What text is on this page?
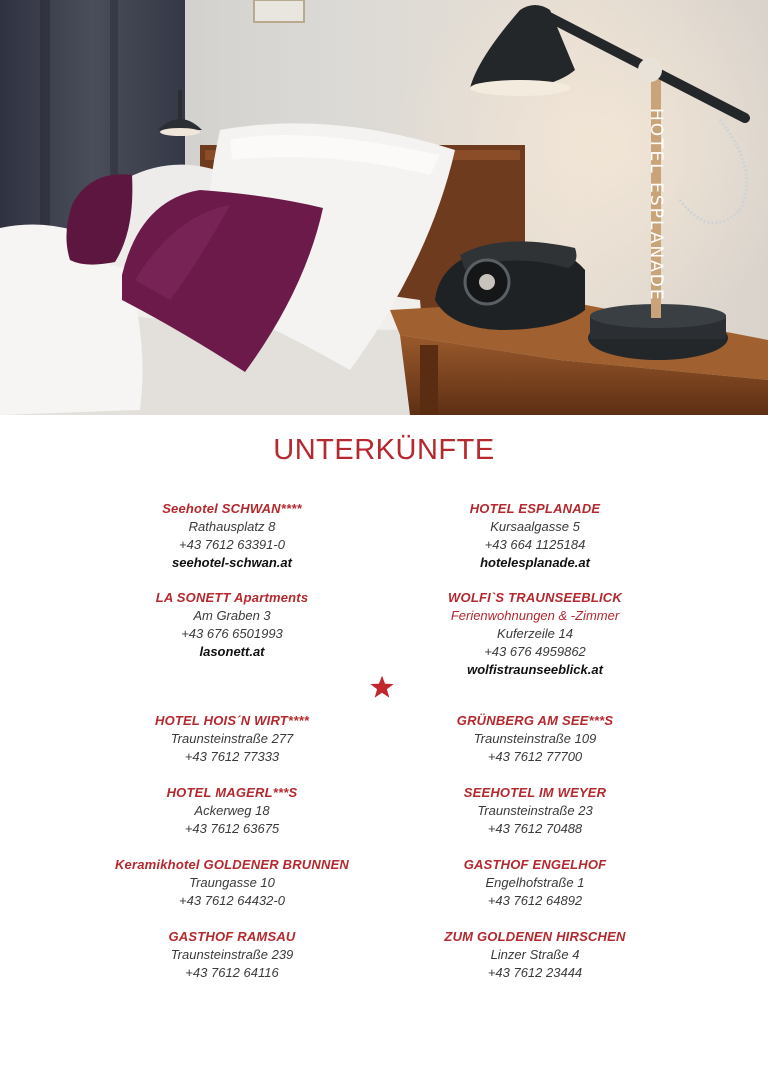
HOTEL ESPLANADE
UNTERKÜNFTE
Seehotel SCHWAN****
Rathausplatz 8
+43 7612 63391-0
seehotel-schwan.at
LA SONETT Apartments
Am Graben 3
+43 676 6501993
lasonett.at
HOTEL ESPLANADE
Kursaalgasse 5
+43 664 1125184
hotelesplanade.at
WOLFI`S TRAUNSEEBLICK
Ferienwohnungen & -Zimmer
Kuferzeile 14
+43 676 4959862
wolfistraunseeblick.at
HOTEL HOIS´N WIRT****
Traunsteinstraße 277
+43 7612 77333
HOTEL MAGERL***S
Ackerweg 18
+43 7612 63675
Keramikhotel GOLDENER BRUNNEN
Traungasse 10
+43 7612 64432-0
GASTHOF RAMSAU
Traunsteinstraße 239
+43 7612 64116
GRÜNBERG AM SEE***S
Traunsteinstraße 109
+43 7612 77700
SEEHOTEL IM WEYER
Traunsteinstraße 23
+43 7612 70488
GASTHOF ENGELHOF
Engelhofstraße 1
+43 7612 64892
ZUM GOLDENEN HIRSCHEN
Linzer Straße 4
+43 7612 23444
